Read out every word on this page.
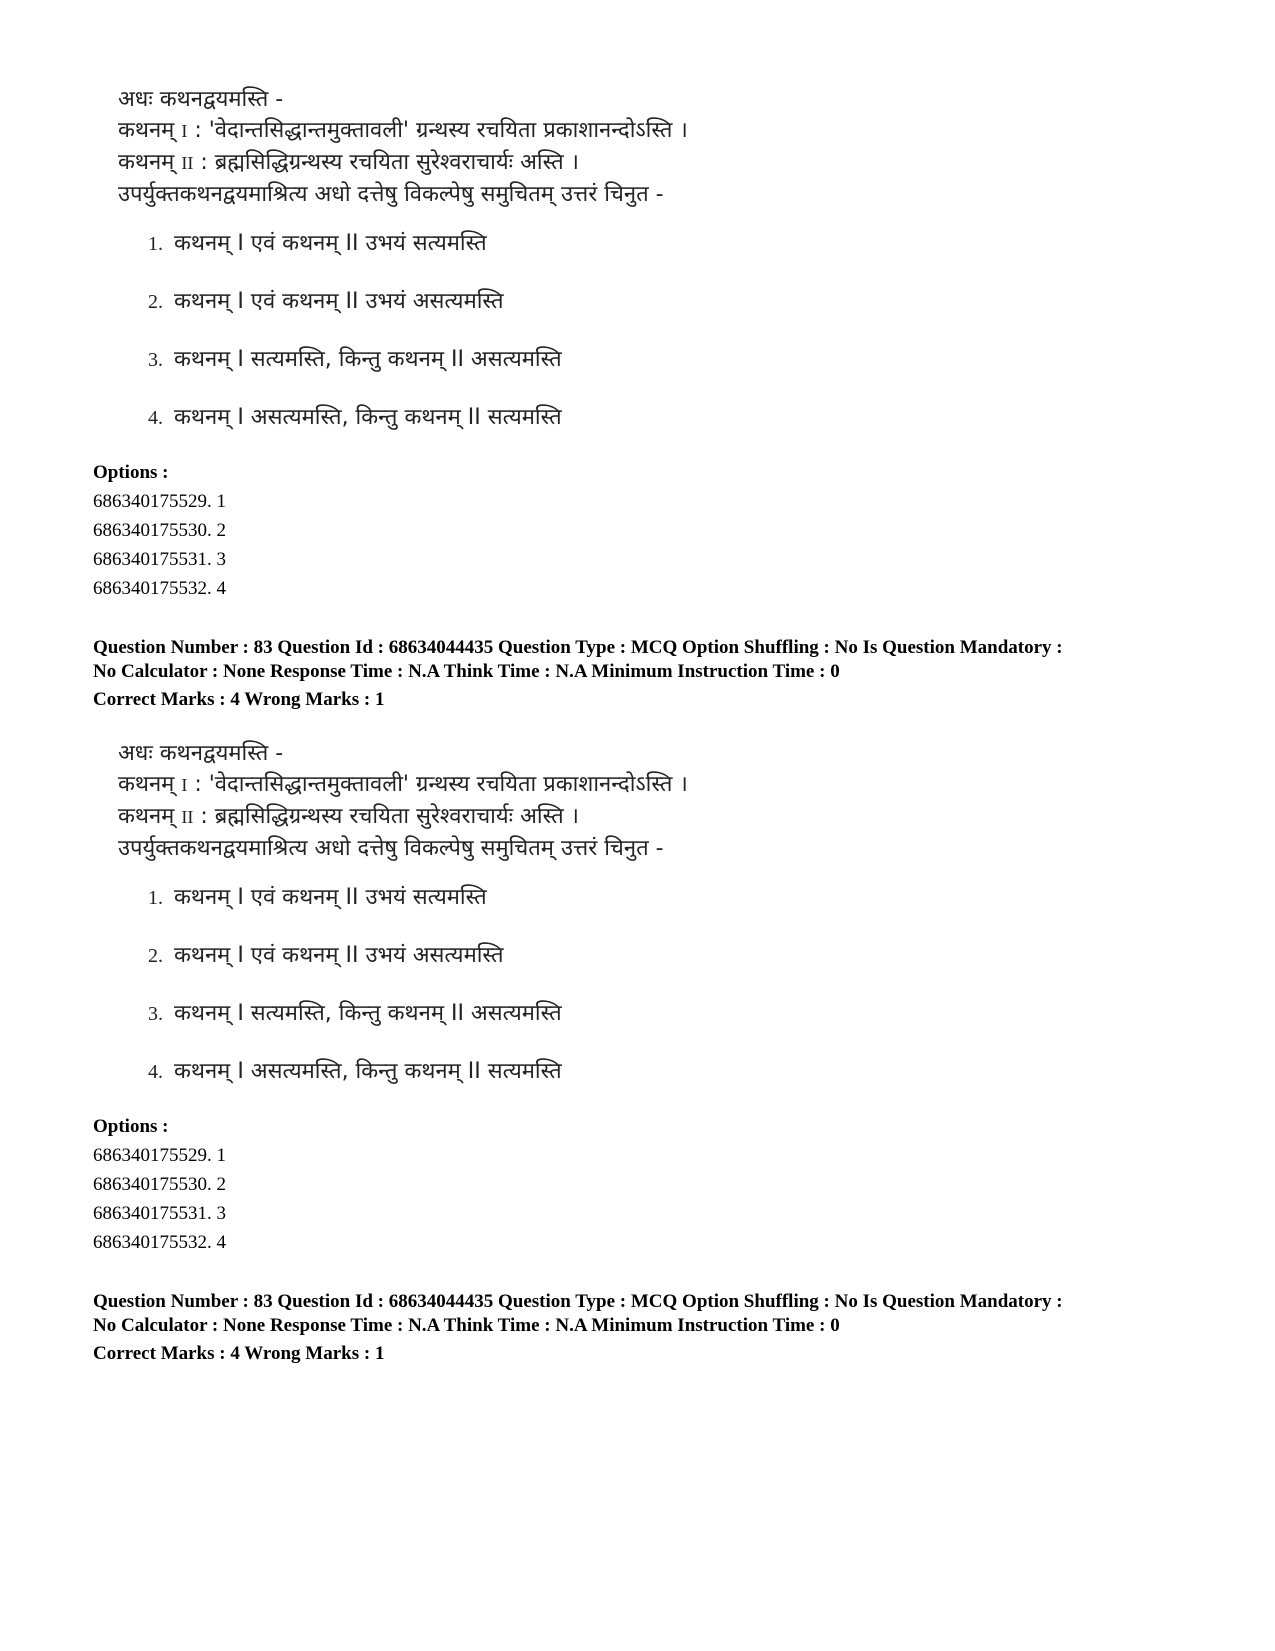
अधः कथनद्वयमस्ति -
कथनम् I : 'वेदान्तसिद्धान्तमुक्तावली' ग्रन्थस्य रचयिता प्रकाशानन्दोऽस्ति ।
कथनम् II : ब्रह्मसिद्धिग्रन्थस्य रचयिता सुरेश्वराचार्यः अस्ति ।
उपर्युक्तकथनद्वयमाश्रित्य अधो दत्तेषु विकल्पेषु समुचितम् उत्तरं चिनुत -
1. कथनम् I एवं कथनम् II उभयं सत्यमस्ति
2. कथनम् I एवं कथनम् II उभयं असत्यमस्ति
3. कथनम् I सत्यमस्ति, किन्तु कथनम् II असत्यमस्ति
4. कथनम् I असत्यमस्ति, किन्तु कथनम् II सत्यमस्ति
Options :
686340175529. 1
686340175530. 2
686340175531. 3
686340175532. 4
Question Number : 83 Question Id : 68634044435 Question Type : MCQ Option Shuffling : No Is Question Mandatory :
No Calculator : None Response Time : N.A Think Time : N.A Minimum Instruction Time : 0
Correct Marks : 4 Wrong Marks : 1
अधः कथनद्वयमस्ति -
कथनम् I : 'वेदान्तसिद्धान्तमुक्तावली' ग्रन्थस्य रचयिता प्रकाशानन्दोऽस्ति ।
कथनम् II : ब्रह्मसिद्धिग्रन्थस्य रचयिता सुरेश्वराचार्यः अस्ति ।
उपर्युक्तकथनद्वयमाश्रित्य अधो दत्तेषु विकल्पेषु समुचितम् उत्तरं चिनुत -
1. कथनम् I एवं कथनम् II उभयं सत्यमस्ति
2. कथनम् I एवं कथनम् II उभयं असत्यमस्ति
3. कथनम् I सत्यमस्ति, किन्तु कथनम् II असत्यमस्ति
4. कथनम् I असत्यमस्ति, किन्तु कथनम् II सत्यमस्ति
Options :
686340175529. 1
686340175530. 2
686340175531. 3
686340175532. 4
Question Number : 83 Question Id : 68634044435 Question Type : MCQ Option Shuffling : No Is Question Mandatory :
No Calculator : None Response Time : N.A Think Time : N.A Minimum Instruction Time : 0
Correct Marks : 4 Wrong Marks : 1
